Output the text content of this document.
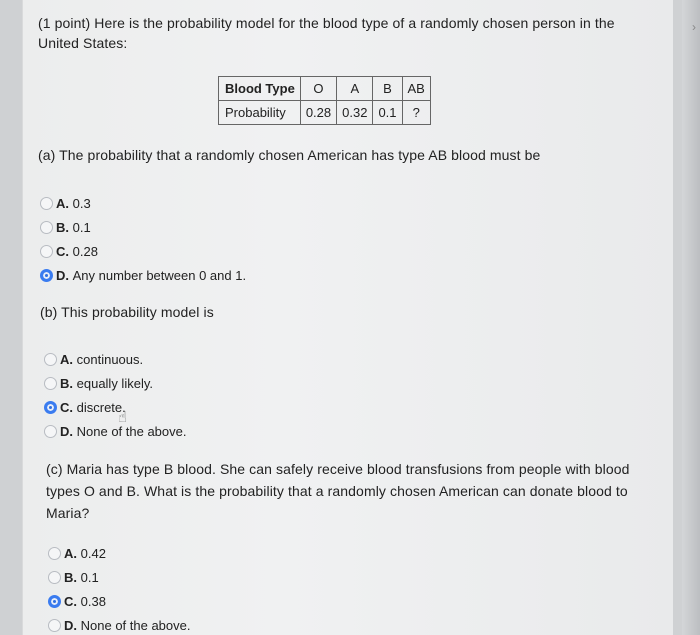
›
(1 point) Here is the probability model for the blood type of a randomly chosen person in the United States:
Blood Type	O	A	B	AB
Probability	0.28	0.32	0.1	?
(a) The probability that a randomly chosen American has type AB blood must be
A.
0.3
B.
0.1
C.
0.28
D.
Any number between 0 and 1.
(b) This probability model is
A.
continuous.
B.
equally likely.
C.
discrete.
D.
None of the above.
☝
(c) Maria has type B blood. She can safely receive blood transfusions from people with blood types O and B. What is the probability that a randomly chosen American can donate blood to Maria?
A.
0.42
B.
0.1
C.
0.38
D.
None of the above.
